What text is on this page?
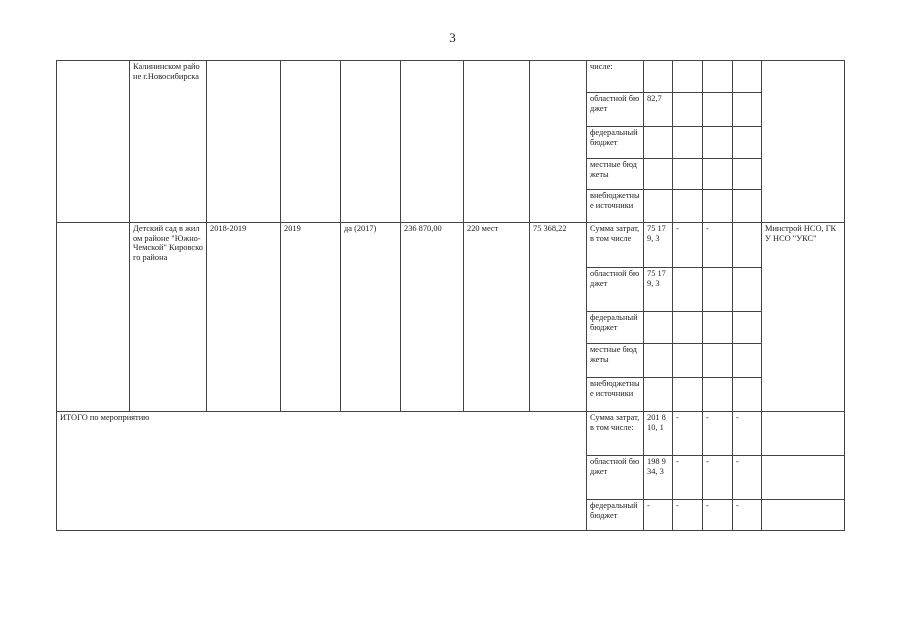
3
	Калининском районе г.Новосибирска							числе:					
								областной бюджет	82,7				
								федеральный бюджет					
								местные бюджеты					
								внебюджетные источники					
	Детский сад в жилом районе "Южно-Чемской" Кировского района	2018-2019	2019	да (2017)	236 870,00	220 мест	75 368,22	Сумма затрат, в том числе	75 179, 3	-	-		Минстрой НСО, ГКУ НСО "УКС"
								областной бюджет	75 179, 3				
								федеральный бюджет					
								местные бюджеты					
								внебюджетные источники					
ИТОГО по мероприятию								Сумма затрат, в том числе:	201 810, 1	-	-	-	
								областной бюджет	198 934, 3	-	-	-	
								федеральный бюджет	-	-	-	-	
